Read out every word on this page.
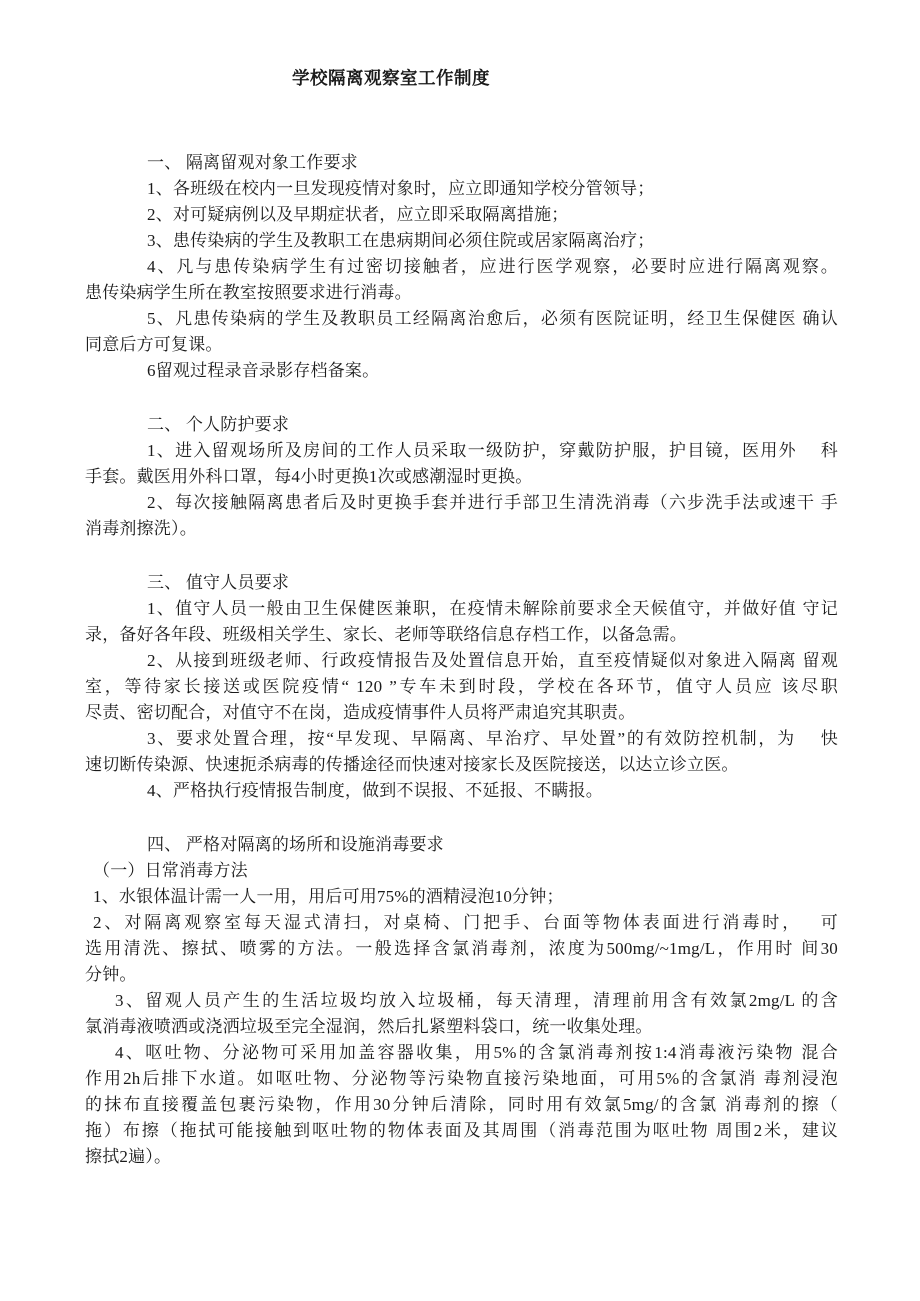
学校隔离观察室工作制度
一、 隔离留观对象工作要求
1、各班级在校内一旦发现疫情对象时，应立即通知学校分管领导；
2、对可疑病例以及早期症状者，应立即采取隔离措施；
3、患传染病的学生及教职工在患病期间必须住院或居家隔离治疗；
4、凡与患传染病学生有过密切接触者，应进行医学观察，必要时应进行隔离观察。
患传染病学生所在教室按照要求进行消毒。
5、凡患传染病的学生及教职员工经隔离治愈后，必须有医院证明，经卫生保健医 确认
同意后方可复课。
6留观过程录音录影存档备案。
二、 个人防护要求
1、进入留观场所及房间的工作人员采取一级防护，穿戴防护服，护目镜，医用外　 科
手套。戴医用外科口罩，每4小时更换1次或感潮湿时更换。
2、每次接触隔离患者后及时更换手套并进行手部卫生清洗消毒（六步洗手法或速干 手
消毒剂擦洗）。
三、 值守人员要求
1、值守人员一般由卫生保健医兼职，在疫情未解除前要求全天候值守，并做好值 守记
录，备好各年段、班级相关学生、家长、老师等联络信息存档工作，以备急需。
2、从接到班级老师、行政疫情报告及处置信息开始，直至疫情疑似对象进入隔离 留观
室，等待家长接送或医院疫情“ 120 ”专车未到时段，学校在各环节，值守人员应 该尽职
尽责、密切配合，对值守不在岗，造成疫情事件人员将严肃追究其职责。
3、要求处置合理，按“早发现、早隔离、早治疗、早处置”的有效防控机制，为　 快
速切断传染源、快速扼杀病毒的传播途径而快速对接家长及医院接送，以达立诊立医。
4、严格执行疫情报告制度，做到不误报、不延报、不瞒报。
四、 严格对隔离的场所和设施消毒要求
（一）日常消毒方法
1、水银体温计需一人一用，用后可用75%的酒精浸泡10分钟；
2、对隔离观察室每天湿式清扫，对桌椅、门把手、台面等物体表面进行消毒时，　 可
选用清洗、擦拭、喷雾的方法。一般选择含氯消毒剂，浓度为500mg/~1mg/L，作用时 间30
分钟。
3、留观人员产生的生活垃圾均放入垃圾桶，每天清理，清理前用含有效氯2mg/L 的含
氯消毒液喷洒或浇洒垃圾至完全湿润，然后扎紧塑料袋口，统一收集处理。
4、呕吐物、分泌物可采用加盖容器收集，用5%的含氯消毒剂按1:4消毒液污染物 混合
作用2h后排下水道。如呕吐物、分泌物等污染物直接污染地面，可用5%的含氯消 毒剂浸泡
的抹布直接覆盖包裹污染物，作用30分钟后清除，同时用有效氯5mg/的含氯 消毒剂的擦（
拖）布擦（拖拭可能接触到呕吐物的物体表面及其周围（消毒范围为呕吐物 周围2米，建议
擦拭2遍）。
